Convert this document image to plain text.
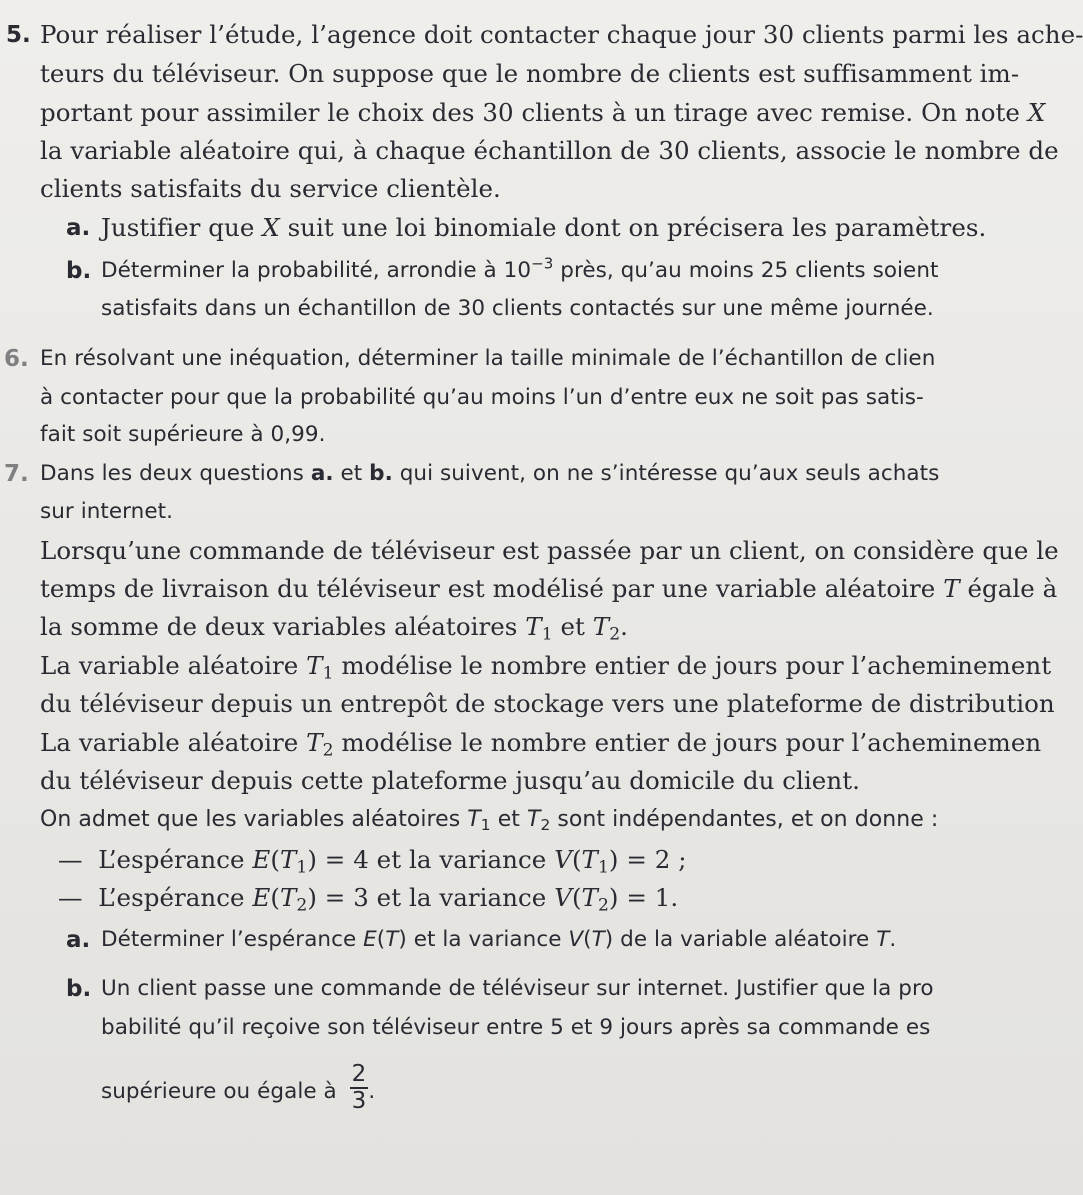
5. Pour réaliser l’étude, l’agence doit contacter chaque jour 30 clients parmi les ache-
teurs du téléviseur. On suppose que le nombre de clients est suffisamment im-
portant pour assimiler le choix des 30 clients à un tirage avec remise. On note X
la variable aléatoire qui, à chaque échantillon de 30 clients, associe le nombre de
clients satisfaits du service clientèle.
a. Justifier que X suit une loi binomiale dont on précisera les paramètres.
b. Déterminer la probabilité, arrondie à $10^{-3}$ près, qu’au moins 25 clients soient
satisfaits dans un échantillon de 30 clients contactés sur une même journée.
6. En résolvant une inéquation, déterminer la taille minimale de l’échantillon de clien
à contacter pour que la probabilité qu’au moins l’un d’entre eux ne soit pas satis-
fait soit supérieure à 0,99.
7. Dans les deux questions a. et b. qui suivent, on ne s’intéresse qu’aux seuls achats
sur internet.
Lorsqu’une commande de téléviseur est passée par un client, on considère que le
temps de livraison du téléviseur est modélisé par une variable aléatoire T égale à
la somme de deux variables aléatoires $T_1$ et $T_2$.
La variable aléatoire $T_1$ modélise le nombre entier de jours pour l’acheminement
du téléviseur depuis un entrepôt de stockage vers une plateforme de distribution
La variable aléatoire $T_2$ modélise le nombre entier de jours pour l’acheminemen
du téléviseur depuis cette plateforme jusqu’au domicile du client.
On admet que les variables aléatoires $T_1$ et $T_2$ sont indépendantes, et on donne :
— L’espérance $E(T_1) = 4$ et la variance $V(T_1) = 2$ ;
— L’espérance $E(T_2) = 3$ et la variance $V(T_2) = 1$.
a. Déterminer l’espérance E(T) et la variance V(T) de la variable aléatoire T.
b. Un client passe une commande de téléviseur sur internet. Justifier que la pro
babilité qu’il reçoive son téléviseur entre 5 et 9 jours après sa commande es
supérieure ou égale à $\frac{2}{3}$ .
